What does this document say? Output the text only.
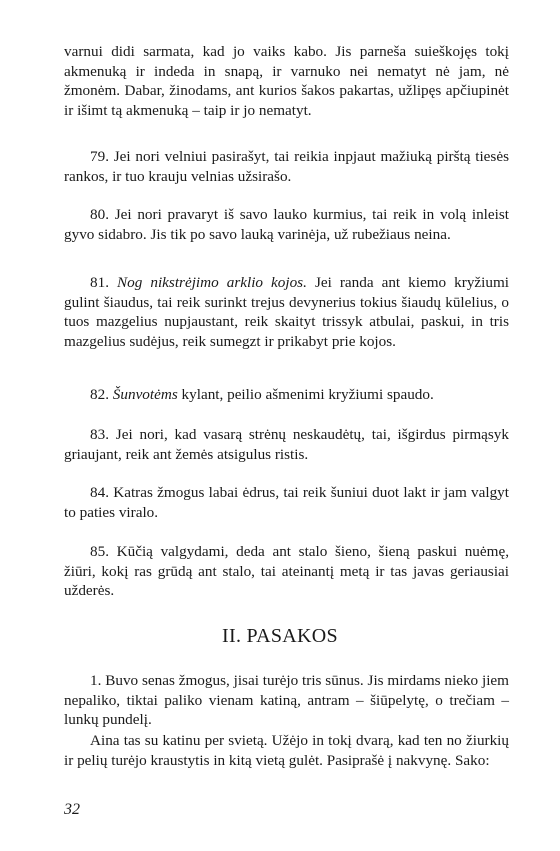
varnui didi sarmata, kad jo vaiks kabo. Jis parneša suieškojęs tokį akmenuką ir indeda in snapą, ir varnuko nei nematyt nė jam, nė žmonėm. Dabar, žinodams, ant kurios šakos pakartas, užlipęs apčiupinėt ir išimt tą akmenuką – taip ir jo nematyt.

79. Jei nori velniui pasirašyt, tai reikia inpjaut mažiuką pirštą tiesės rankos, ir tuo krauju velnias užsirašo.

80. Jei nori pravaryt iš savo lauko kurmius, tai reik in volą inleist gyvo sidabro. Jis tik po savo lauką varinėja, už rubežiaus neina.

81. Nog nikstrėjimo arklio kojos. Jei randa ant kiemo kryžiumi gulint šiaudus, tai reik surinkt trejus devynerius tokius šiaudų kūlelius, o tuos mazgelius nupjaustant, reik skaityt trissyk atbulai, paskui, in tris mazgelius sudėjus, reik sumegzt ir prikabyt prie kojos.

82. Šunvotėms kylant, peilio ašmenimi kryžiumi spaudo.

83. Jei nori, kad vasarą strėnų neskaudėtų, tai, išgirdus pirmąsyk griaujant, reik ant žemės atsigulus ristis.

84. Katras žmogus labai ėdrus, tai reik šuniui duot lakt ir jam valgyt to paties viralo.

85. Kūčią valgydami, deda ant stalo šieno, šieną paskui nuėmę, žiūri, kokį ras grūdą ant stalo, tai ateinantį metą ir tas javas geriausiai užderės.

II. PASAKOS

1. Buvo senas žmogus, jisai turėjo tris sūnus. Jis mirdams nieko jiem nepaliko, tiktai paliko vienam katiną, antram – šiūpelytę, o trečiam – lunkų pundelį.

Aina tas su katinu per svietą. Užėjo in tokį dvarą, kad ten no žiurkių ir pelių turėjo kraustytis in kitą vietą gulėt. Pasiprašė į nakvynę. Sako:

32
